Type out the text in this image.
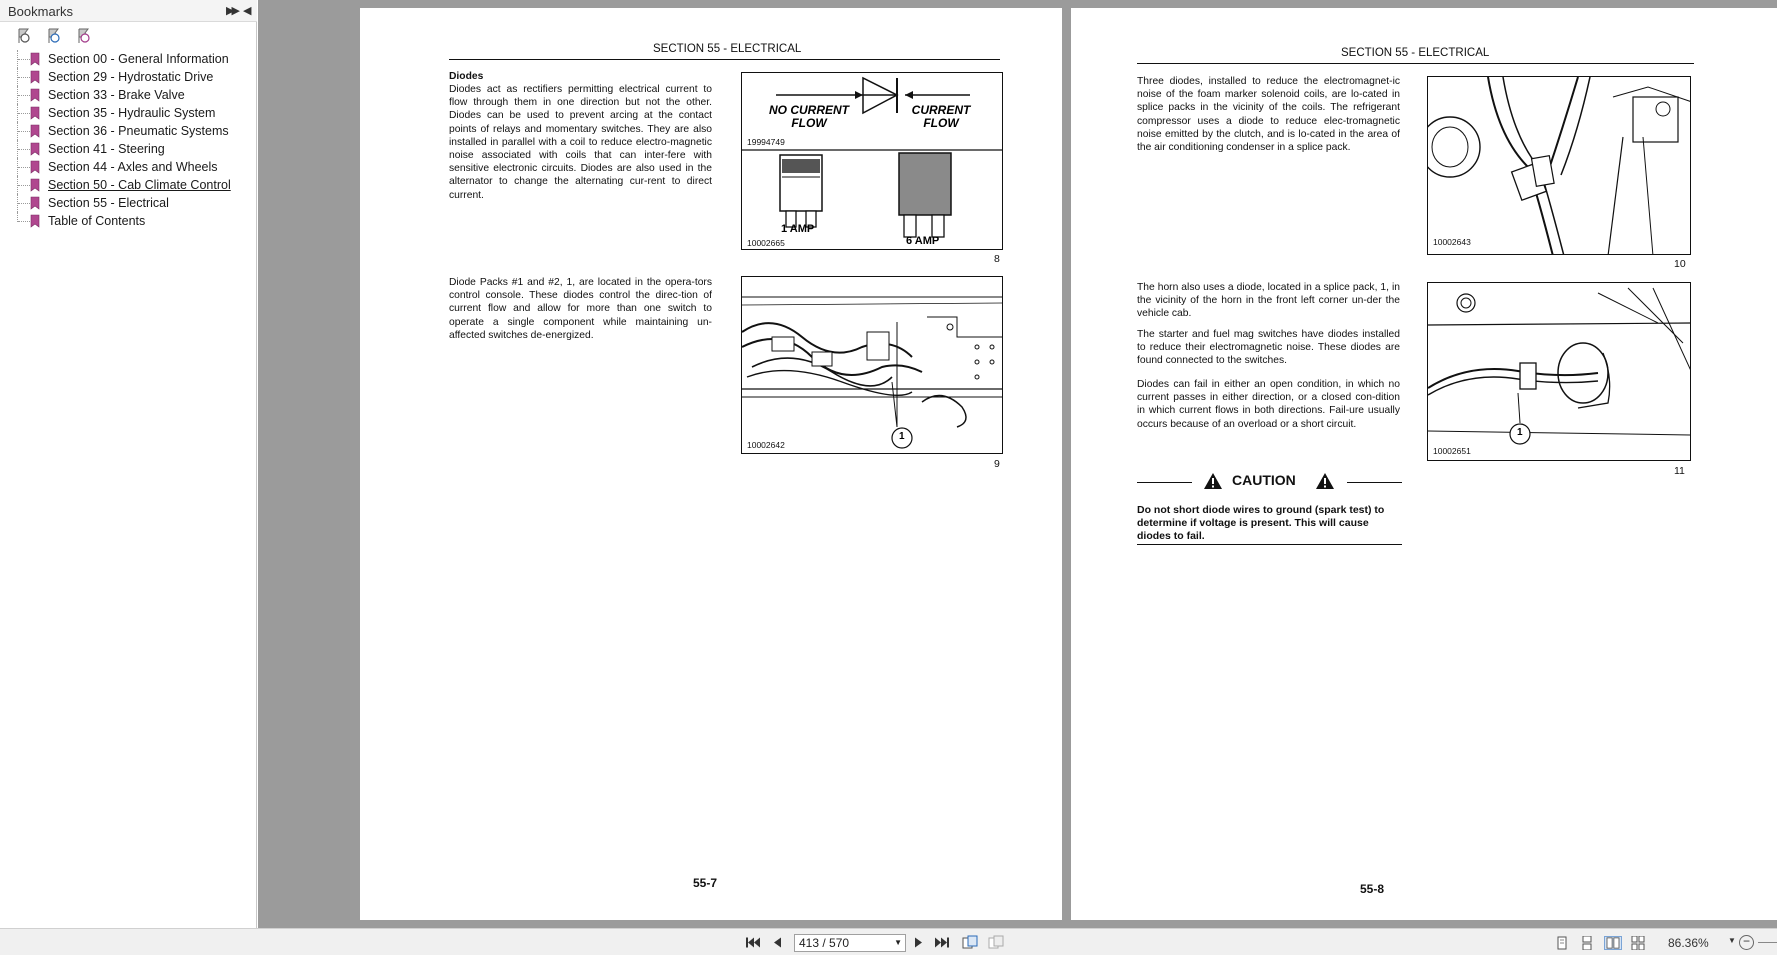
Bookmarks	▶▶ ◀
Section 00 - General Information
Section 29 - Hydrostatic Drive
Section 33 - Brake Valve
Section 35 - Hydraulic System
Section 36 - Pneumatic Systems
Section 41 - Steering
Section 44 - Axles and Wheels
Section 50 - Cab Climate Control
Section 55 - Electrical
Table of Contents
SECTION 55 - ELECTRICAL
Diodes
Diodes act as rectifiers permitting electrical current to flow through them in one direction but not the other. Diodes can be used to prevent arcing at the contact points of relays and momentary switches. They are also installed in parallel with a coil to reduce electro-magnetic noise associated with coils that can inter-fere with sensitive electronic circuits. Diodes are also used in the alternator to change the alternating cur-rent to direct current.
NO CURRENT
FLOW
CURRENT
FLOW
19994749
1 AMP
6 AMP
10002665
8
Diode Packs #1 and #2, 1, are located in the opera-tors control console. These diodes control the direc-tion of current flow and allow for more than one switch to operate a single component while maintaining un-affected switches de-energized.
1
10002642
9
55-7
SECTION 55 - ELECTRICAL
Three diodes, installed to reduce the electromagnet-ic noise of the foam marker solenoid coils, are lo-cated in splice packs in the vicinity of the coils. The refrigerant compressor uses a diode to reduce elec-tromagnetic noise emitted by the clutch, and is lo-cated in the area of the air conditioning condenser in a splice pack.
10002643
10
The horn also uses a diode, located in a splice pack, 1, in the vicinity of the horn in the front left corner un-der the vehicle cab.
The starter and fuel mag switches have diodes installed to reduce their electromagnetic noise. These diodes are found connected to the switches.
Diodes can fail in either an open condition, in which no current passes in either direction, or a closed con-dition in which current flows in both directions. Fail-ure usually occurs because of an overload or a short circuit.
1
10002651
11
CAUTION
Do not short diode wires to ground (spark test) to determine if voltage is present. This will cause diodes to fail.
55-8
413 / 570	▼	86.36% ▼ −
